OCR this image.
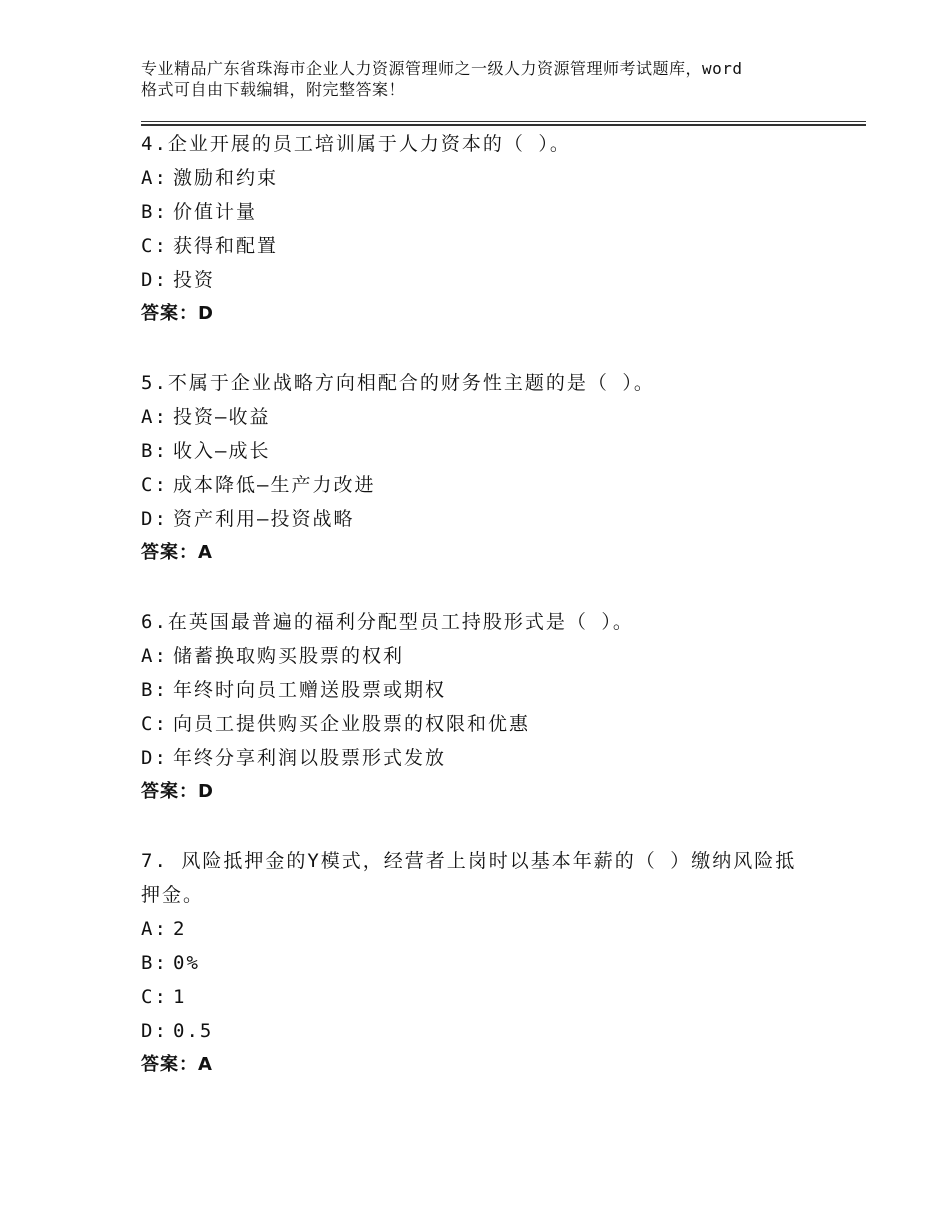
专业精品广东省珠海市企业人力资源管理师之一级人力资源管理师考试题库，word
格式可自由下载编辑，附完整答案！
4.企业开展的员工培训属于人力资本的（ ）。
A: 激励和约束
B: 价值计量
C: 获得和配置
D: 投资
答案：D
5.不属于企业战略方向相配合的财务性主题的是（ ）。
A: 投资—收益
B: 收入—成长
C: 成本降低—生产力改进
D: 资产利用—投资战略
答案：A
6.在英国最普遍的福利分配型员工持股形式是（ ）。
A: 储蓄换取购买股票的权利
B: 年终时向员工赠送股票或期权
C: 向员工提供购买企业股票的权限和优惠
D: 年终分享利润以股票形式发放
答案：D
7. 风险抵押金的Y模式，经营者上岗时以基本年薪的（ ）缴纳风险抵押金。
A: 2
B: 0%
C: 1
D: 0.5
答案：A
